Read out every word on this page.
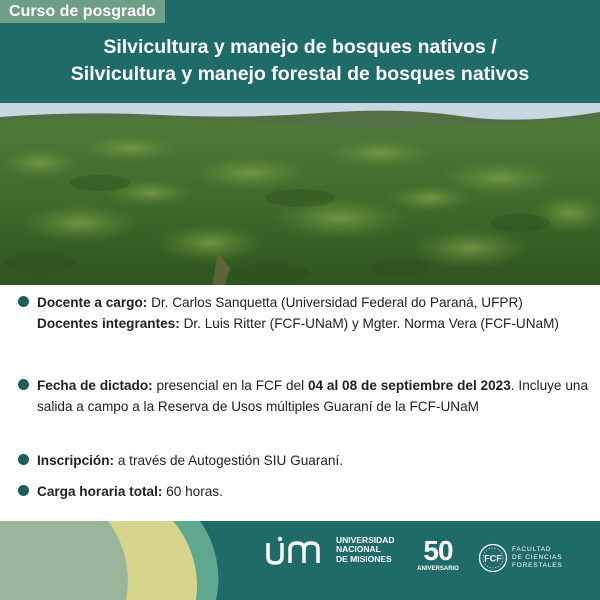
Curso de posgrado
Silvicultura y manejo de bosques nativos /
Silvicultura y manejo forestal de bosques nativos

Docente a cargo: Dr. Carlos Sanquetta (Universidad Federal do Paraná, UFPR)

Docentes integrantes: Dr. Luis Ritter (FCF-UNaM) y Mgter. Norma Vera (FCF-UNaM)

Fecha de dictado: presencial en la FCF del 04 al 08 de septiembre del 2023. Incluye una salida a campo a la Reserva de Usos múltiples Guaraní de la FCF-UNaM

Inscripción: a través de Autogestión SIU Guaraní.

Carga horaria total: 60 horas.

UNIVERSIDAD
NACIONAL
DE MISIONES	50
ANIVERSARIO
FCF
FACULTAD
DE CIENCIAS
FORESTALES
